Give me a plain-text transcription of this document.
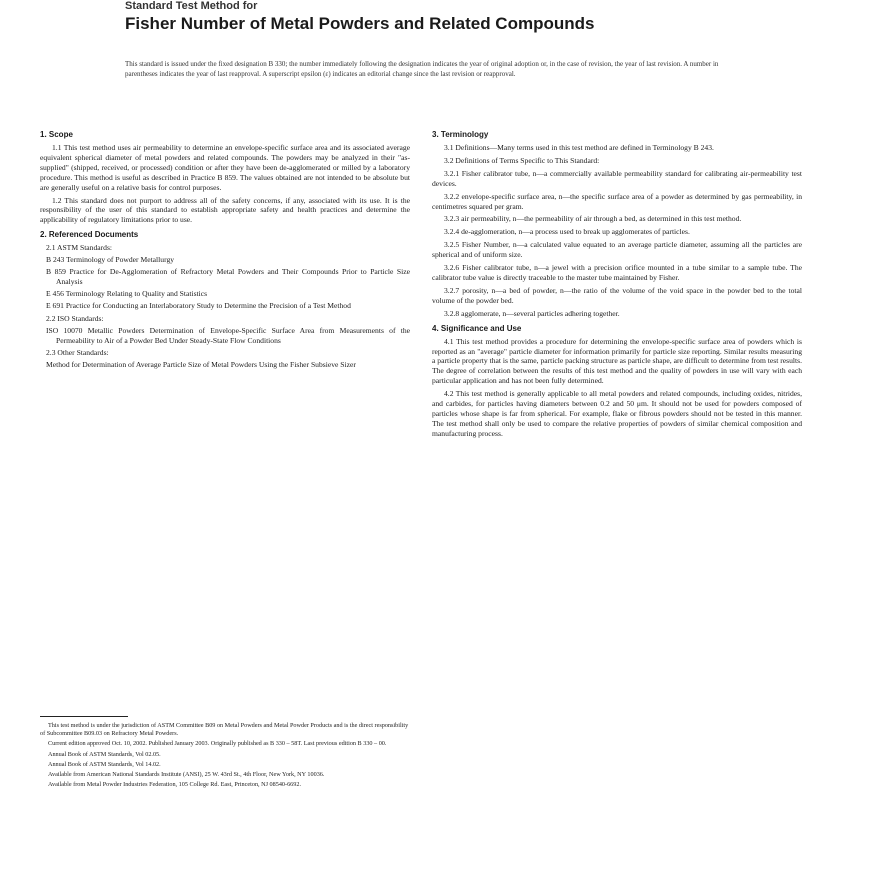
Standard Test Method for
Fisher Number of Metal Powders and Related Compounds
This standard is issued under the fixed designation B 330; the number immediately following the designation indicates the year of original adoption or, in the case of revision, the year of last revision. A number in parentheses indicates the year of last reapproval. A superscript epsilon (ε) indicates an editorial change since the last revision or reapproval.
1. Scope

1.1 This test method uses air permeability to determine an envelope-specific surface area and its associated average equivalent spherical diameter of metal powders and related compounds. The powders may be analyzed in their "as-supplied" (shipped, received, or processed) condition or after they have been de-agglomerated or milled by a laboratory procedure. This method is useful as described in Practice B 859. The values obtained are not intended to be absolute but are generally useful on a relative basis for control purposes.

1.2 This standard does not purport to address all of the safety concerns, if any, associated with its use. It is the responsibility of the user of this standard to establish appropriate safety and health practices and determine the applicability of regulatory limitations prior to use.

2. Referenced Documents
2.1 ASTM Standards:
B 243 Terminology of Powder Metallurgy
B 859 Practice for De-Agglomeration of Refractory Metal Powders and Their Compounds Prior to Particle Size Analysis
E 456 Terminology Relating to Quality and Statistics
E 691 Practice for Conducting an Interlaboratory Study to Determine the Precision of a Test Method
2.2 ISO Standards:
ISO 10070 Metallic Powders Determination of Envelope-Specific Surface Area from Measurements of the Permeability to Air of a Powder Bed Under Steady-State Flow Conditions
2.3 Other Standards:
Method for Determination of Average Particle Size of Metal Powders Using the Fisher Subsieve Sizer

This test method is under the jurisdiction of ASTM Committee B09 on Metal Powders and Metal Powder Products and is the direct responsibility of Subcommittee B09.03 on Refractory Metal Powders.

Current edition approved Oct. 10, 2002. Published January 2003. Originally published as B 330 – 58T. Last previous edition B 330 – 00.

Annual Book of ASTM Standards, Vol 02.05.

Annual Book of ASTM Standards, Vol 14.02.

Available from American National Standards Institute (ANSI), 25 W. 43rd St., 4th Floor, New York, NY 10036.

Available from Metal Powder Industries Federation, 105 College Rd. East, Princeton, NJ 08540-6692.

3. Terminology

3.1 Definitions—Many terms used in this test method are defined in Terminology B 243.

3.2 Definitions of Terms Specific to This Standard:

3.2.1 Fisher calibrator tube, n—a commercially available permeability standard for calibrating air-permeability test devices.

3.2.2 envelope-specific surface area, n—the specific surface area of a powder as determined by gas permeability, in centimetres squared per gram.

3.2.3 air permeability, n—the permeability of air through a bed, as determined in this test method.

3.2.4 de-agglomeration, n—a process used to break up agglomerates of particles.

3.2.5 Fisher Number, n—a calculated value equated to an average particle diameter, assuming all the particles are spherical and of uniform size.

3.2.6 Fisher calibrator tube, n—a jewel with a precision orifice mounted in a tube similar to a sample tube. The calibrator tube value is directly traceable to the master tube maintained by Fisher.

3.2.7 porosity, n—a bed of powder, n—the ratio of the volume of the void space in the powder bed to the total volume of the powder bed.

3.2.8 agglomerate, n—several particles adhering together.

4. Significance and Use

4.1 This test method provides a procedure for determining the envelope-specific surface area of powders which is reported as an "average" particle diameter for information primarily for particle size reporting. Similar results measuring a particle property that is the same, particle packing structure as particle shape, are difficult to determine from test results. The degree of correlation between the results of this test method and the quality of powders in use will vary with each particular application and has not been fully determined.

4.2 This test method is generally applicable to all metal powders and related compounds, including oxides, nitrides, and carbides, for particles having diameters between 0.2 and 50 μm. It should not be used for powders composed of particles whose shape is far from spherical. For example, flake or fibrous powders should not be tested in this manner. The test method shall only be used to compare the relative properties of powders of similar chemical composition and manufacturing process.
